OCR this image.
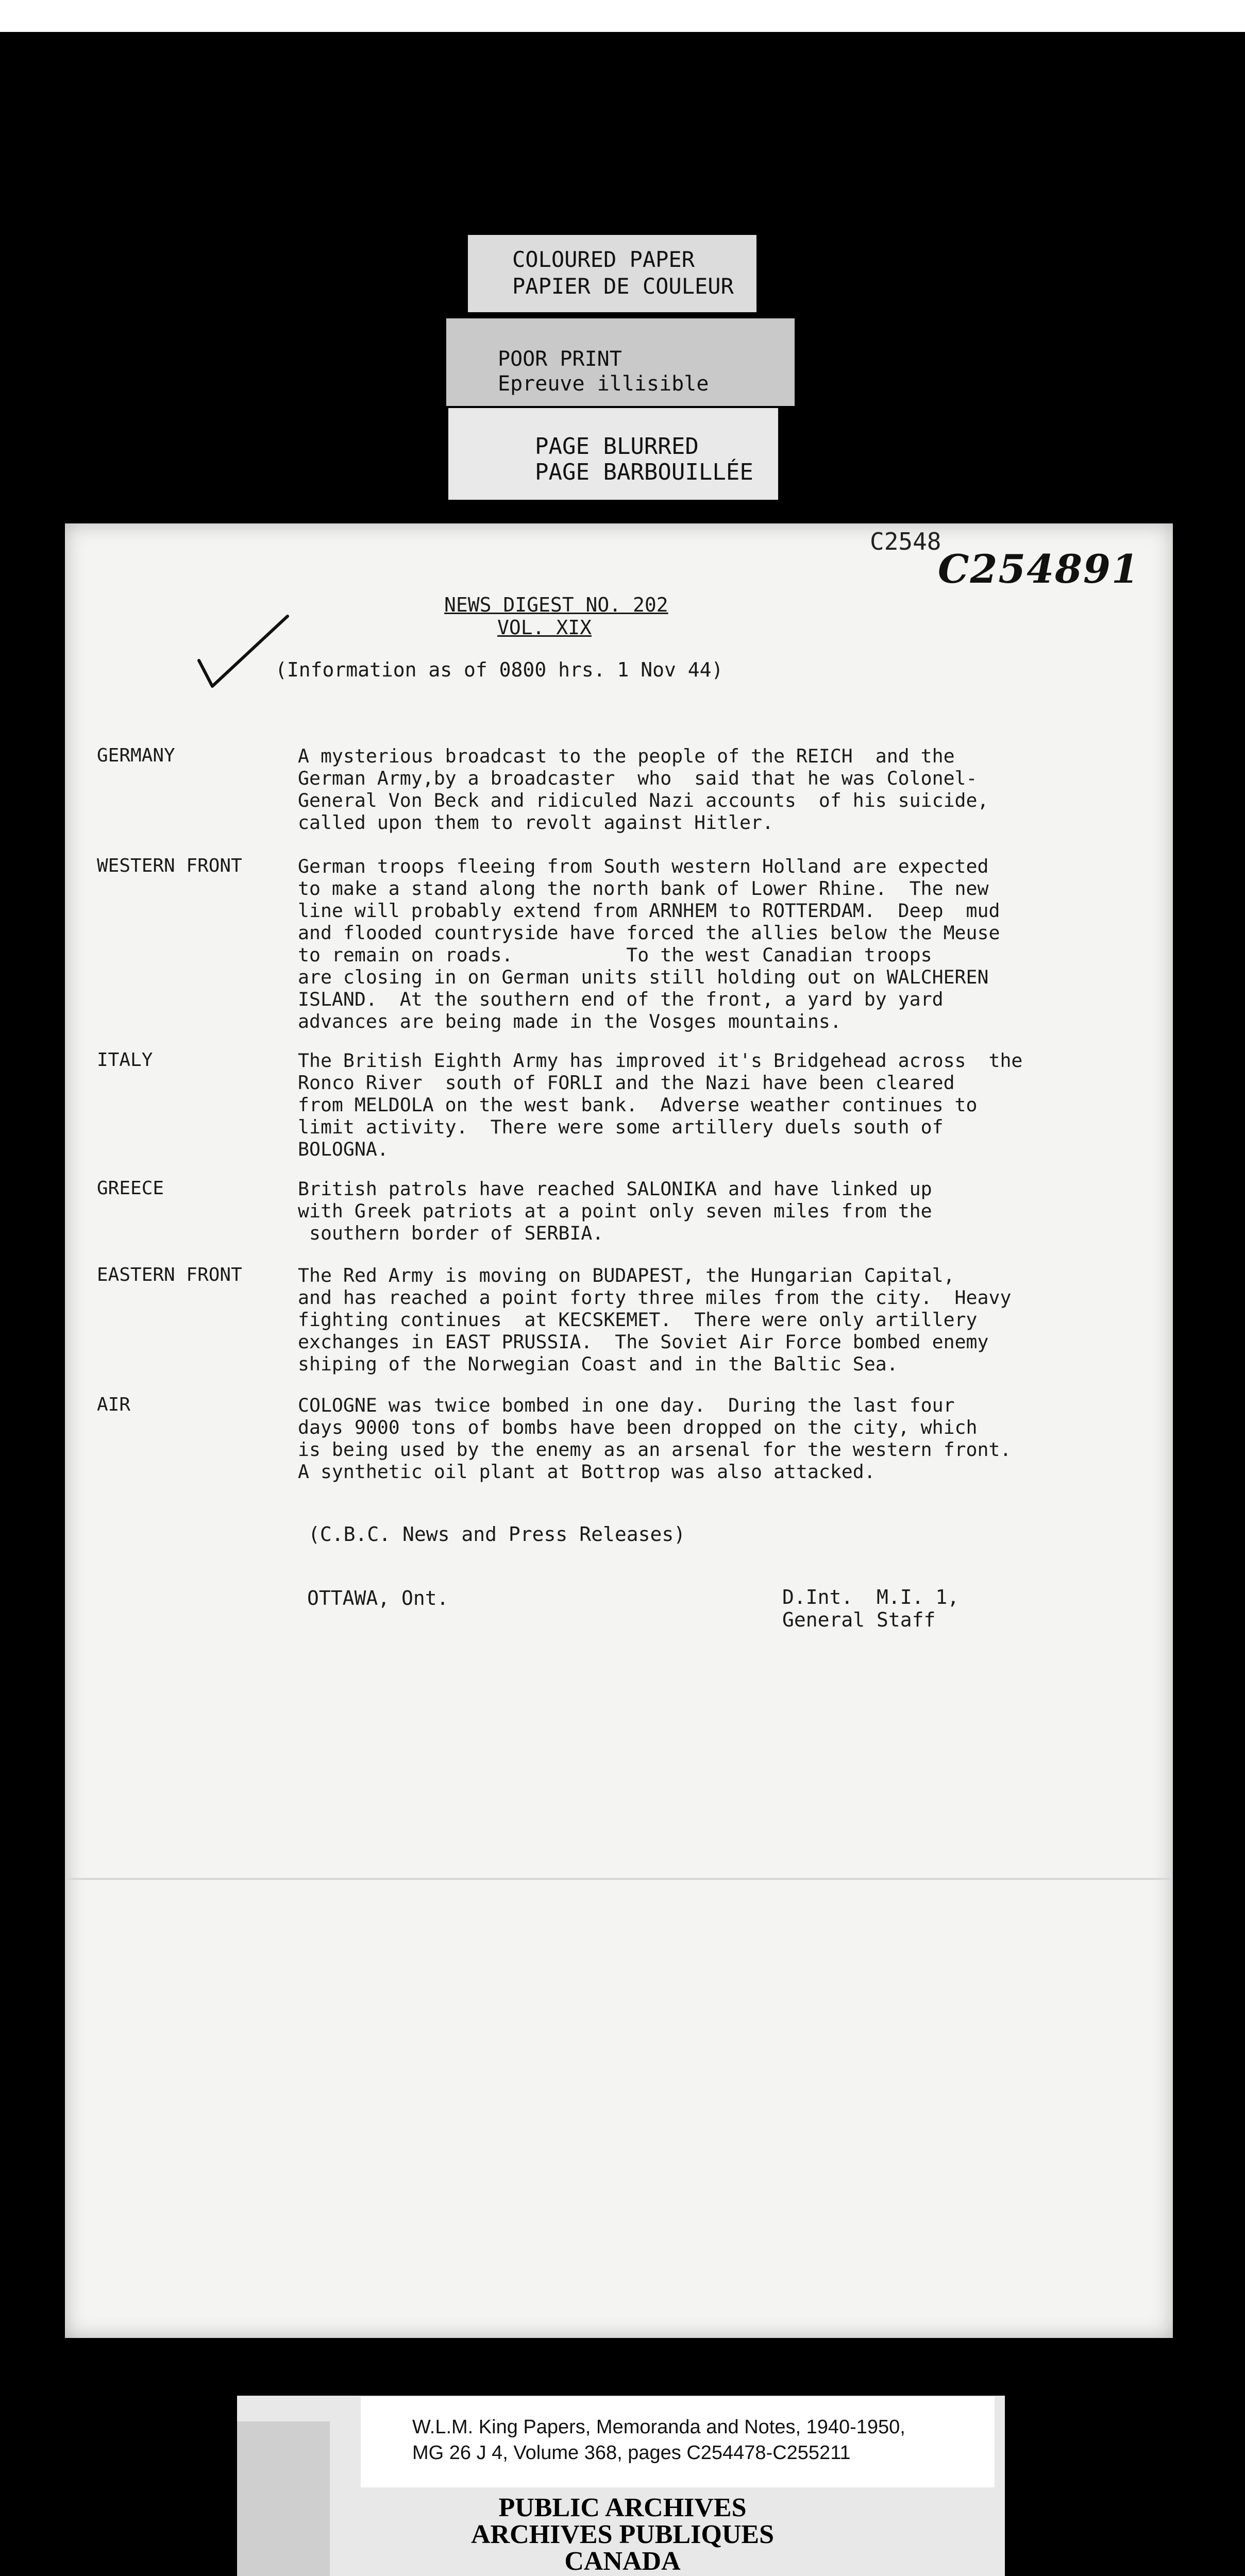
COLOURED PAPER
PAPIER DE COULEUR
POOR PRINT
Epreuve illisible
PAGE BLURRED
PAGE BARBOUILLÉE
C2548
C254891
NEWS DIGEST NO. 202
VOL. XIX
(Information as of 0800 hrs. 1 Nov 44)
GERMANY	A mysterious broadcast to the people of the REICH  and the
German Army,by a broadcaster  who  said that he was Colonel-
General Von Beck and ridiculed Nazi accounts  of his suicide,
called upon them to revolt against Hitler.
WESTERN FRONT	German troops fleeing from South western Holland are expected
to make a stand along the north bank of Lower Rhine.  The new
line will probably extend from ARNHEM to ROTTERDAM.  Deep  mud
and flooded countryside have forced the allies below the Meuse
to remain on roads.          To the west Canadian troops
are closing in on German units still holding out on WALCHEREN
ISLAND.  At the southern end of the front, a yard by yard
advances are being made in the Vosges mountains.
ITALY	The British Eighth Army has improved it's Bridgehead across  the
Ronco River  south of FORLI and the Nazi have been cleared
from MELDOLA on the west bank.  Adverse weather continues to
limit activity.  There were some artillery duels south of
BOLOGNA.
GREECE	British patrols have reached SALONIKA and have linked up
with Greek patriots at a point only seven miles from the
southern border of SERBIA.
EASTERN FRONT	The Red Army is moving on BUDAPEST, the Hungarian Capital,
and has reached a point forty three miles from the city.  Heavy
fighting continues  at KECSKEMET.  There were only artillery
exchanges in EAST PRUSSIA.  The Soviet Air Force bombed enemy
shiping of the Norwegian Coast and in the Baltic Sea.
AIR	COLOGNE was twice bombed in one day.  During the last four
days 9000 tons of bombs have been dropped on the city, which
is being used by the enemy as an arsenal for the western front.
A synthetic oil plant at Bottrop was also attacked.
(C.B.C. News and Press Releases)
OTTAWA, Ont.	D.Int.  M.I. 1,
General Staff
W.L.M. King Papers, Memoranda and Notes, 1940-1950,
MG 26 J 4, Volume 368, pages C254478-C255211
PUBLIC ARCHIVES
ARCHIVES PUBLIQUES
CANADA
